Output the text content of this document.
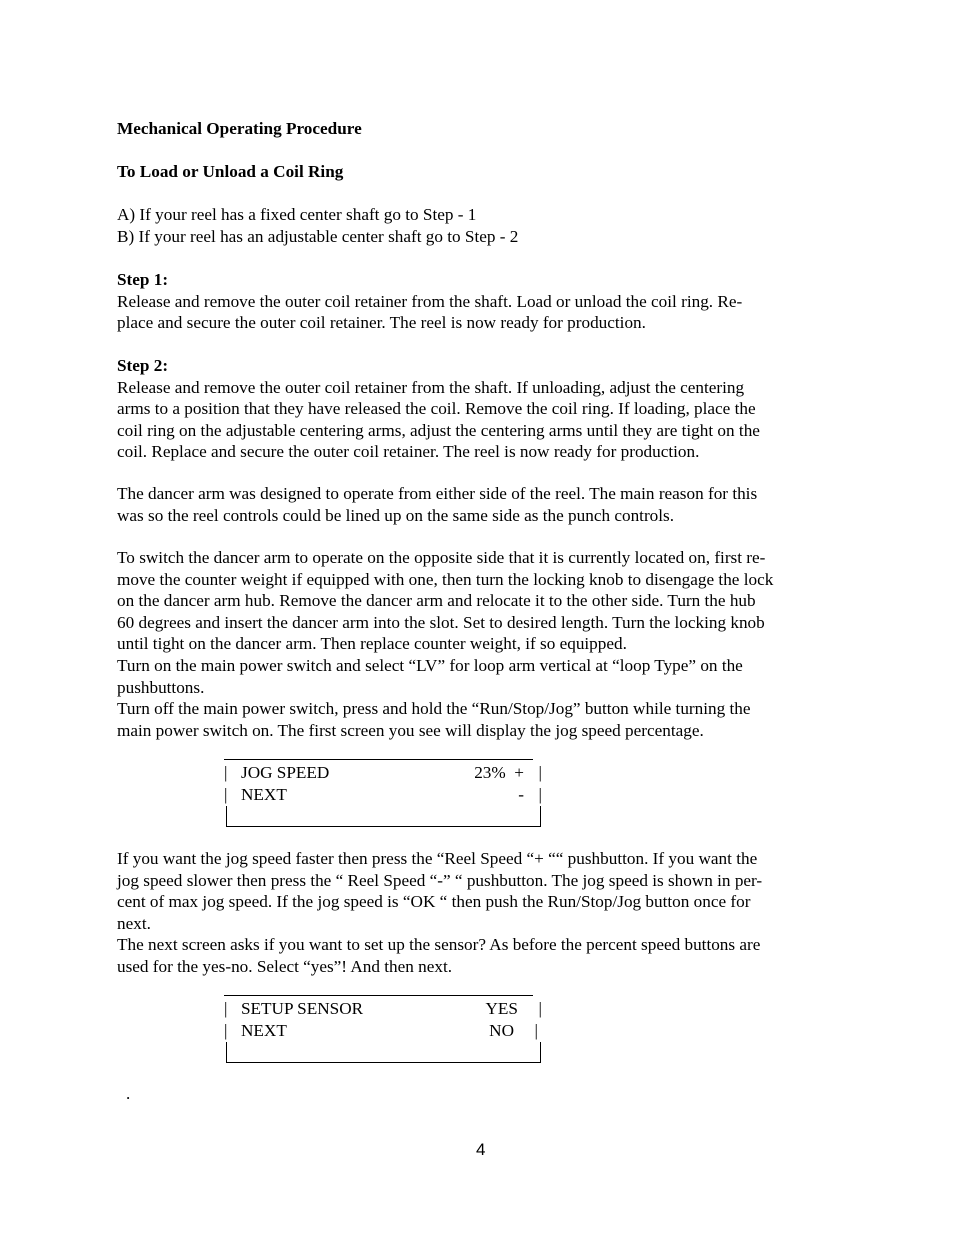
Mechanical Operating Procedure
To Load or Unload a Coil Ring
A) If your reel has a fixed center shaft go to Step - 1
B) If your reel has an adjustable center shaft go to Step - 2
Step 1:
Release and remove the outer coil retainer from the shaft. Load or unload the coil ring. Re-
place and secure the outer coil retainer. The reel is now ready for production.
Step 2:
Release and remove the outer coil retainer from the shaft. If unloading, adjust the centering
arms to a position that they have released the coil. Remove the coil ring. If loading, place the
coil ring on the adjustable centering arms, adjust the centering arms until they are tight on the
coil. Replace and secure the outer coil retainer. The reel is now ready for production.
The dancer arm was designed to operate from either side of the reel. The main reason for this
was so the reel controls could be lined up on the same side as the punch controls.
To switch the dancer arm to operate on the opposite side that it is currently located on, first re-
move the counter weight if equipped with one, then turn the locking knob to disengage the lock
on the dancer arm hub. Remove the dancer arm and relocate it to the other side. Turn the hub
60 degrees and insert the dancer arm into the slot. Set to desired length. Turn the locking knob
until tight on the dancer arm. Then replace counter weight, if so equipped.
Turn on the main power switch and select “LV” for loop arm vertical at “loop Type” on the
pushbuttons.
Turn off the main power switch, press and hold the “Run/Stop/Jog” button while turning the
main power switch on. The first screen you see will display the jog speed percentage.
| JOG SPEED	23%  + |
| NEXT	- |
If you want the jog speed faster then press the “Reel Speed “+ ““ pushbutton. If you want the
jog speed slower then press the “ Reel Speed “-” “ pushbutton. The jog speed is shown in per-
cent of max jog speed. If the jog speed is “OK “ then push the Run/Stop/Jog button once for
next.
The next screen asks if you want to set up the sensor? As before the percent speed buttons are
used for the yes-no. Select “yes”! And then next.
| SETUP SENSOR	YES |
| NEXT	NO |
.
4
